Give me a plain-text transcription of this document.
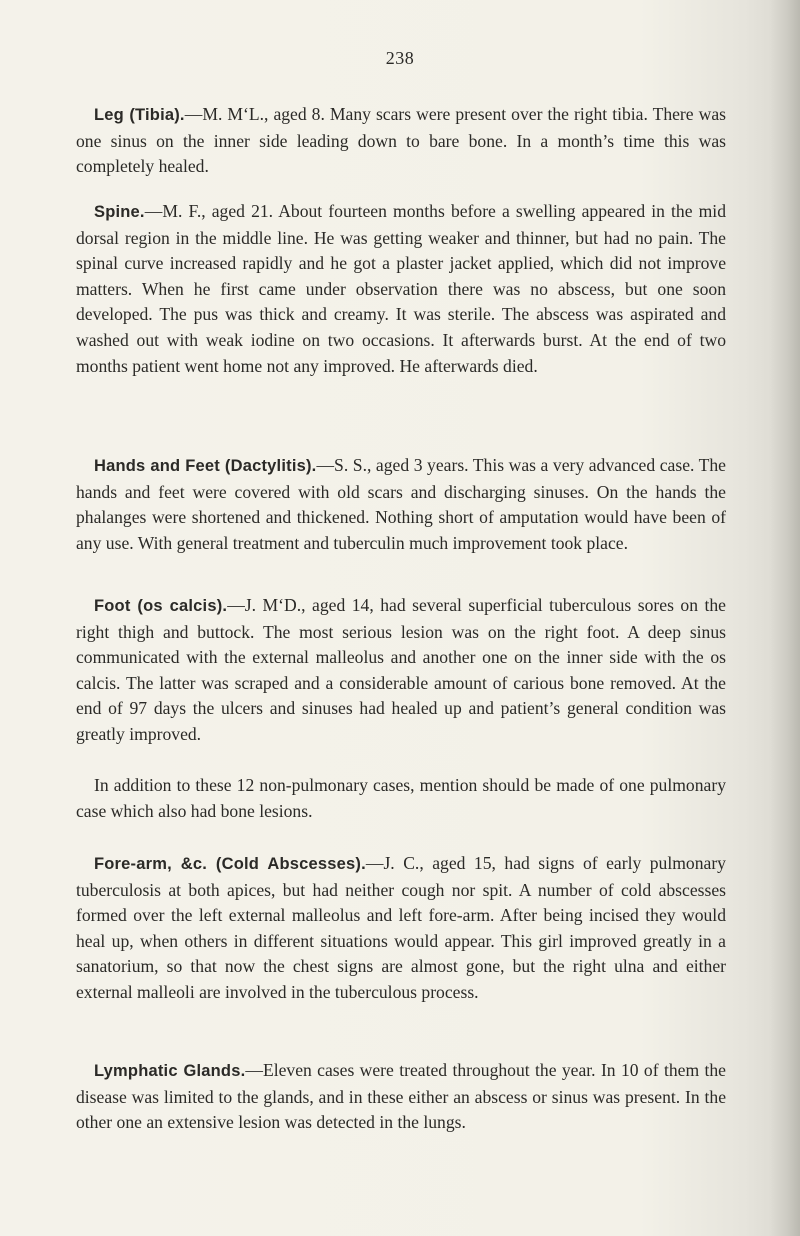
238

Leg (Tibia).—M. M‘L., aged 8. Many scars were present over the right tibia. There was one sinus on the inner side leading down to bare bone. In a month’s time this was completely healed.

Spine.—M. F., aged 21. About fourteen months before a swelling appeared in the mid dorsal region in the middle line. He was getting weaker and thinner, but had no pain. The spinal curve increased rapidly and he got a plaster jacket applied, which did not improve matters. When he first came under observation there was no abscess, but one soon developed. The pus was thick and creamy. It was sterile. The abscess was aspirated and washed out with weak iodine on two occasions. It afterwards burst. At the end of two months patient went home not any improved. He afterwards died.

Hands and Feet (Dactylitis).—S. S., aged 3 years. This was a very advanced case. The hands and feet were covered with old scars and discharging sinuses. On the hands the phalanges were shortened and thickened. Nothing short of amputation would have been of any use. With general treatment and tuberculin much improvement took place.

Foot (os calcis).—J. M‘D., aged 14, had several superficial tuberculous sores on the right thigh and buttock. The most serious lesion was on the right foot. A deep sinus communicated with the external malleolus and another one on the inner side with the os calcis. The latter was scraped and a considerable amount of carious bone removed. At the end of 97 days the ulcers and sinuses had healed up and patient’s general condition was greatly improved.

In addition to these 12 non-pulmonary cases, mention should be made of one pulmonary case which also had bone lesions.

Fore-arm, &c. (Cold Abscesses).—J. C., aged 15, had signs of early pulmonary tuberculosis at both apices, but had neither cough nor spit. A number of cold abscesses formed over the left external malleolus and left fore-arm. After being incised they would heal up, when others in different situations would appear. This girl improved greatly in a sanatorium, so that now the chest signs are almost gone, but the right ulna and either external malleoli are involved in the tuberculous process.

Lymphatic Glands.—Eleven cases were treated throughout the year. In 10 of them the disease was limited to the glands, and in these either an abscess or sinus was present. In the other one an extensive lesion was detected in the lungs.
